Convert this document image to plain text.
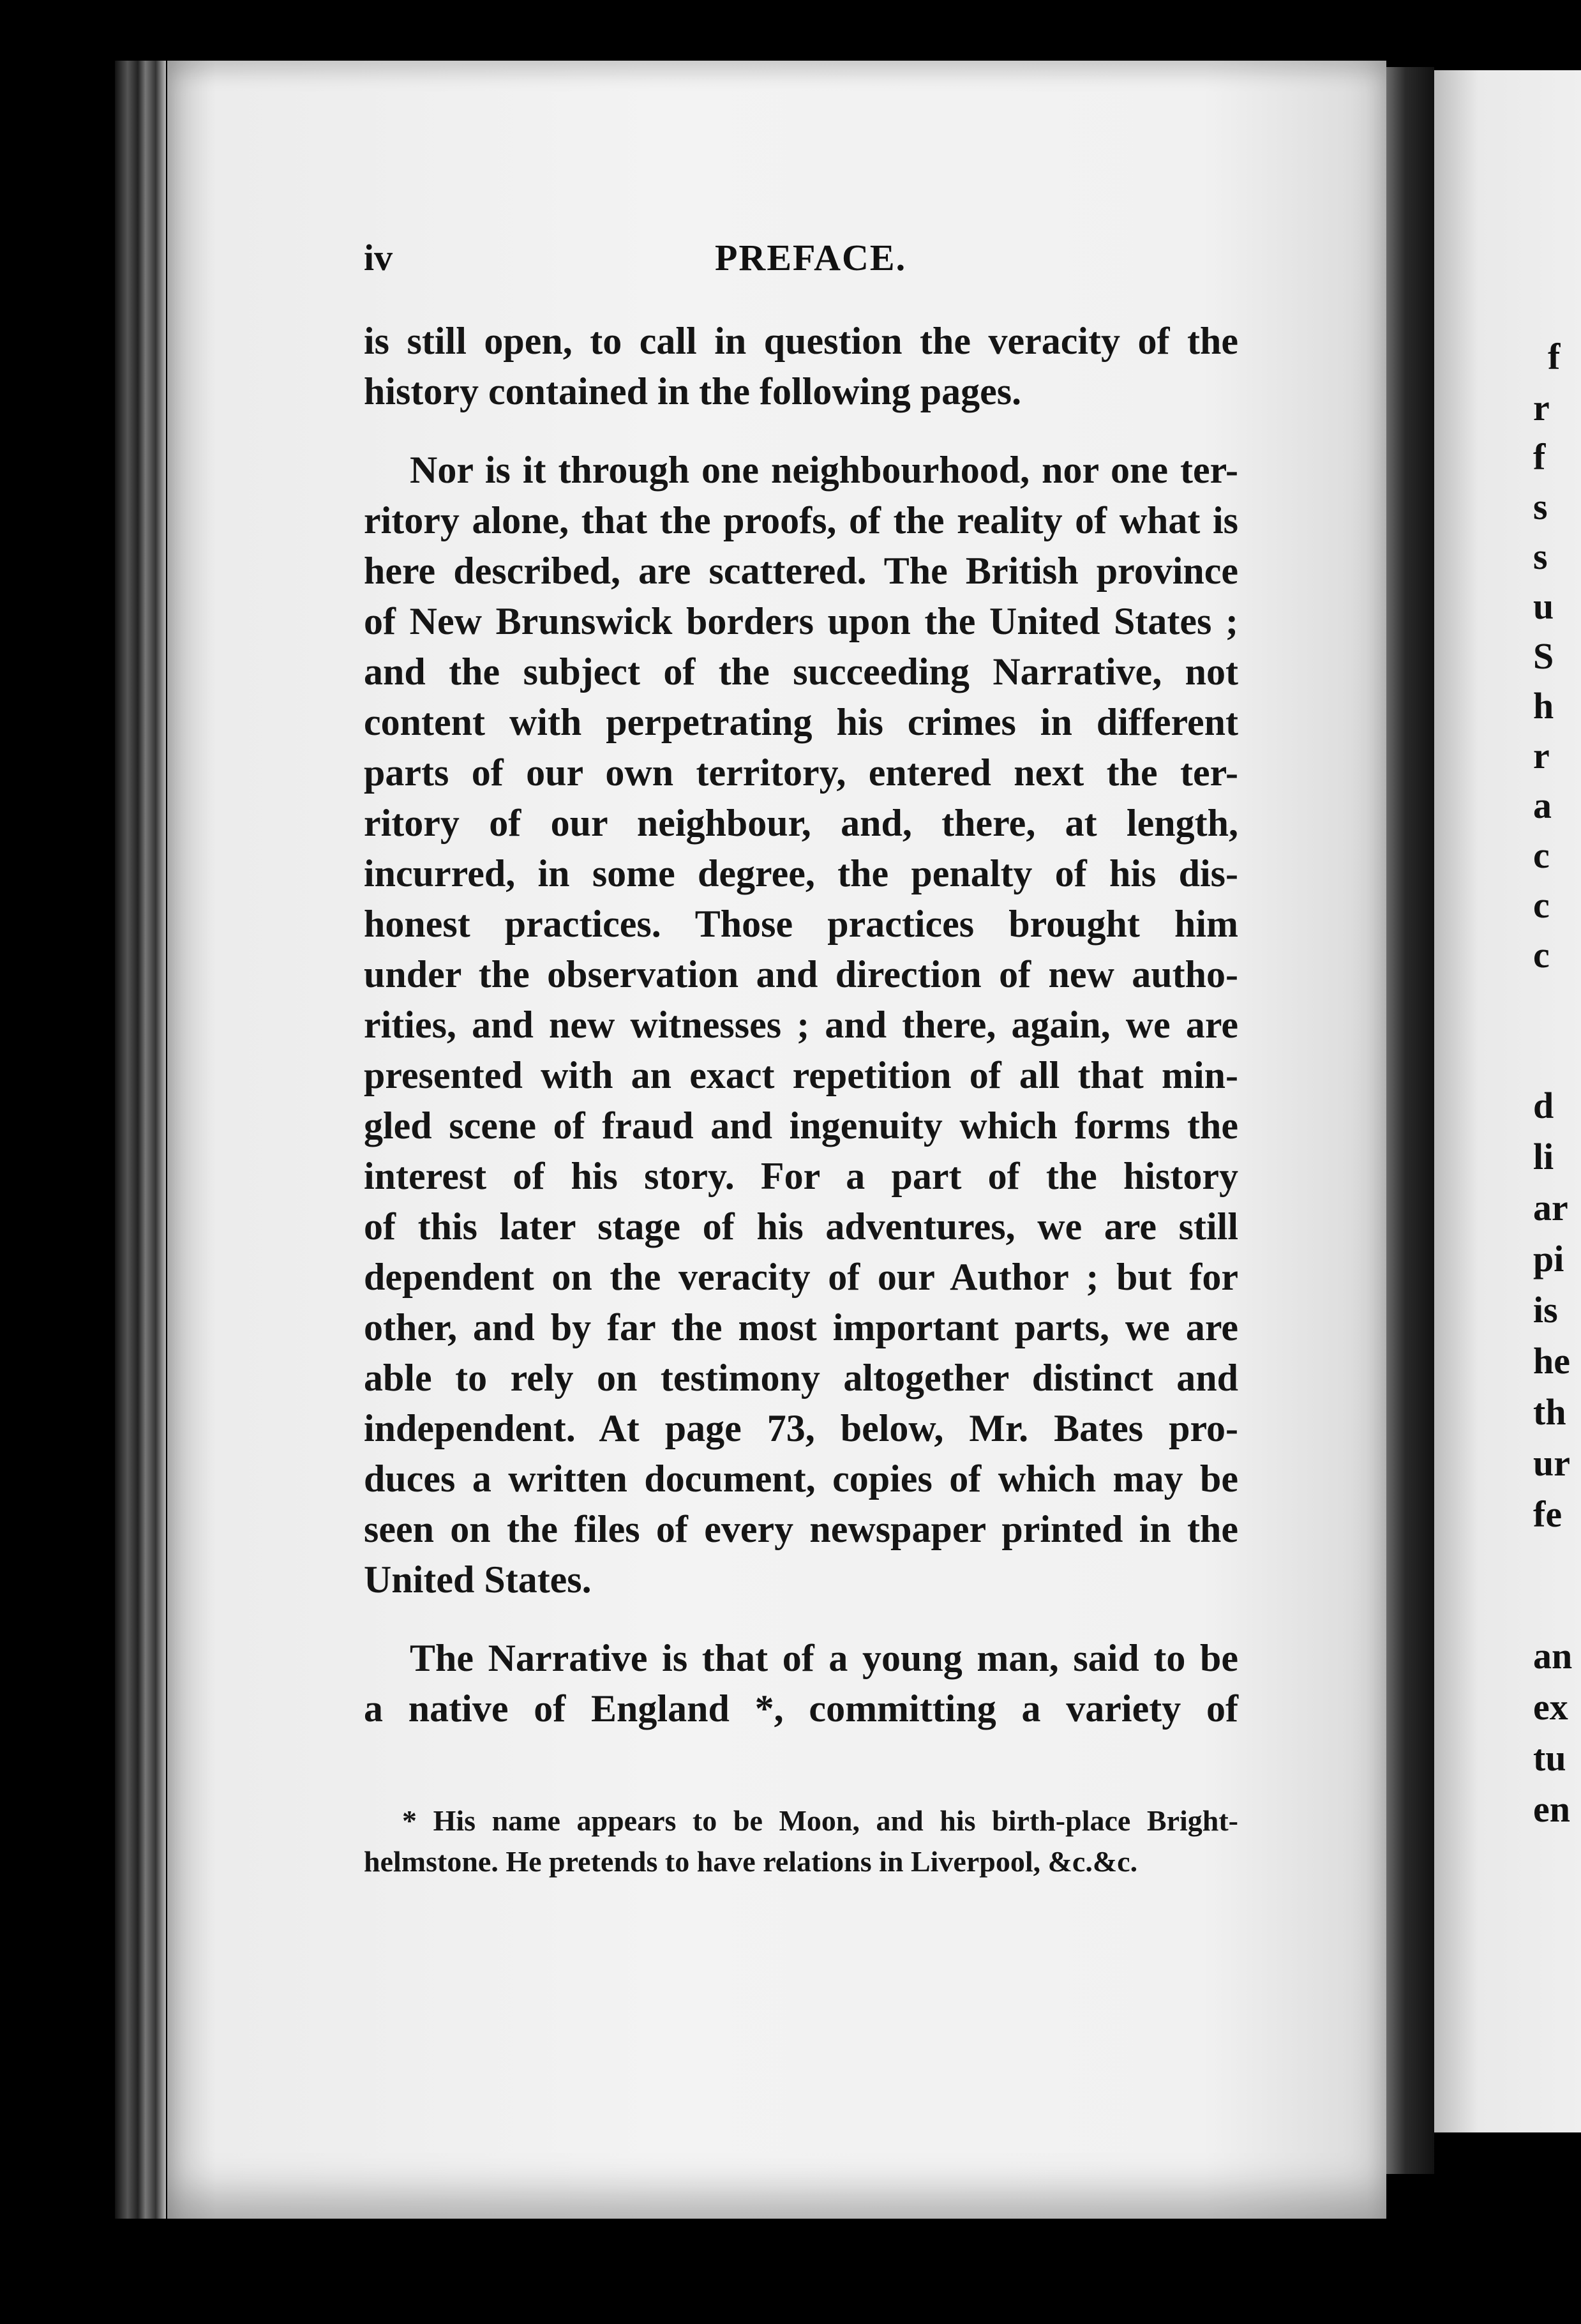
f
r
f
s
s
u
S
h
r
a
c
c
c
d
li
ar
pi
is
he
th
ur
fe
an
ex
tu
en
iv	PREFACE.
is still open, to call in question the veracity of the
history contained in the following pages.
Nor is it through one neighbourhood, nor one ter-
ritory alone, that the proofs, of the reality of what is
here described, are scattered. The British province
of New Brunswick borders upon the United States ;
and the subject of the succeeding Narrative, not
content with perpetrating his crimes in different
parts of our own territory, entered next the ter-
ritory of our neighbour, and, there, at length,
incurred, in some degree, the penalty of his dis-
honest practices. Those practices brought him
under the observation and direction of new autho-
rities, and new witnesses ; and there, again, we are
presented with an exact repetition of all that min-
gled scene of fraud and ingenuity which forms the
interest of his story. For a part of the history
of this later stage of his adventures, we are still
dependent on the veracity of our Author ; but for
other, and by far the most important parts, we are
able to rely on testimony altogether distinct and
independent. At page 73, below, Mr. Bates pro-
duces a written document, copies of which may be
seen on the files of every newspaper printed in the
United States.
The Narrative is that of a young man, said to be
a native of England *, committing a variety of
* His name appears to be Moon, and his birth-place Bright-
helmstone. He pretends to have relations in Liverpool, &c.&c.
